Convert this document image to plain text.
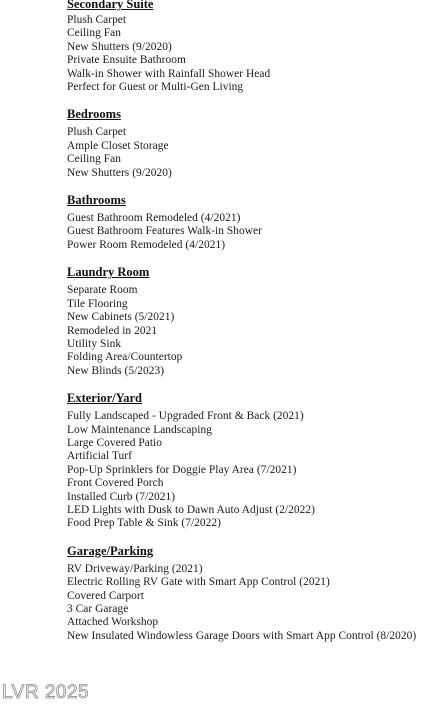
Secondary Suite
Plush Carpet
Ceiling Fan
New Shutters (9/2020)
Private Ensuite Bathroom
Walk-in Shower with Rainfall Shower Head
Perfect for Guest or Multi-Gen Living
Bedrooms
Plush Carpet
Ample Closet Storage
Ceiling Fan
New Shutters (9/2020)
Bathrooms
Guest Bathroom Remodeled (4/2021)
Guest Bathroom Features Walk-in Shower
Power Room Remodeled (4/2021)
Laundry Room
Separate Room
Tile Flooring
New Cabinets (5/2021)
Remodeled in 2021
Utility Sink
Folding Area/Countertop
New Blinds (5/2023)
Exterior/Yard
Fully Landscaped - Upgraded Front & Back (2021)
Low Maintenance Landscaping
Large Covered Patio
Artificial Turf
Pop-Up Sprinklers for Doggie Play Area (7/2021)
Front Covered Porch
Installed Curb (7/2021)
LED Lights with Dusk to Dawn Auto Adjust (2/2022)
Food Prep Table & Sink (7/2022)
Garage/Parking
RV Driveway/Parking (2021)
Electric Rolling RV Gate with Smart App Control (2021)
Covered Carport
3 Car Garage
Attached Workshop
New Insulated Windowless Garage Doors with Smart App Control (8/2020)
LVR 2025
